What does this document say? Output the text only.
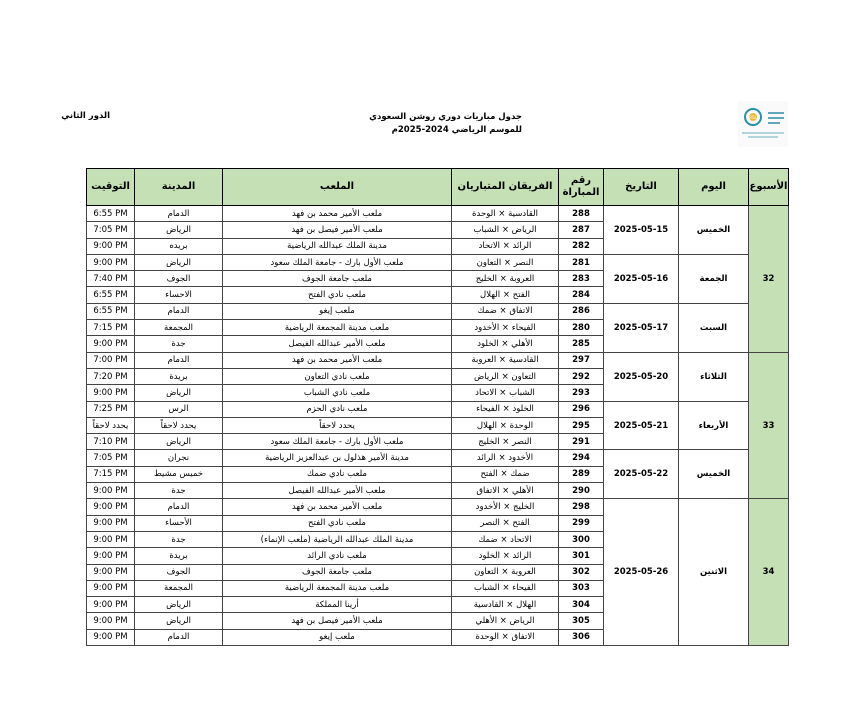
RSL
جدول مباريات دوري روشن السعودي
للموسم الرياضي 2024-2025م
الدور الثاني
الأسبوع	اليوم	التاريخ	رقم المباراة	الفريقان المتباريان	الملعب	المدينة	التوقيت
32	الخميس	2025-05-15	288	القادسية × الوحدة	ملعب الأمير محمد بن فهد	الدمام	6:55 PM
			287	الرياض × الشباب	ملعب الأمير فيصل بن فهد	الرياض	7:05 PM
			282	الرائد × الاتحاد	مدينة الملك عبدالله الرياضية	بريده	9:00 PM
	الجمعة	2025-05-16	281	النصر × التعاون	ملعب الأول بارك - جامعة الملك سعود	الرياض	9:00 PM
			283	العروبة × الخليج	ملعب جامعة الجوف	الجوف	7:40 PM
			284	الفتح × الهلال	ملعب نادي الفتح	الاحساء	6:55 PM
	السبت	2025-05-17	286	الاتفاق × ضمك	ملعب إيغو	الدمام	6:55 PM
			280	الفيحاء × الأخدود	ملعب مدينة المجمعة الرياضية	المجمعة	7:15 PM
			285	الأهلي × الخلود	ملعب الأمير عبدالله الفيصل	جدة	9:00 PM
33	الثلاثاء	2025-05-20	297	القادسية × العروبة	ملعب الأمير محمد بن فهد	الدمام	7:00 PM
			292	التعاون × الرياض	ملعب نادي التعاون	بريدة	7:20 PM
			293	الشباب × الاتحاد	ملعب نادي الشباب	الرياض	9:00 PM
	الأربعاء	2025-05-21	296	الخلود × الفيحاء	ملعب نادي الحزم	الرس	7:25 PM
			295	الوحدة × الهلال	يحدد لاحقاً	يحدد لاحقاً	يحدد لاحقاً
			291	النصر × الخليج	ملعب الأول بارك - جامعة الملك سعود	الرياض	7:10 PM
	الخميس	2025-05-22	294	الأخدود × الرائد	مدينة الأمير هذلول بن عبدالعزيز الرياضية	نجران	7:05 PM
			289	ضمك × الفتح	ملعب نادي ضمك	خميس مشيط	7:15 PM
			290	الأهلي × الاتفاق	ملعب الأمير عبدالله الفيصل	جدة	9:00 PM
34	الاثنين	2025-05-26	298	الخليج × الأخدود	ملعب الأمير محمد بن فهد	الدمام	9:00 PM
			299	الفتح × النصر	ملعب نادي الفتح	الأحساء	9:00 PM
			300	الاتحاد × ضمك	مدينة الملك عبدالله الرياضية (ملعب الإنماء)	جدة	9:00 PM
			301	الرائد × الخلود	ملعب نادي الرائد	بريدة	9:00 PM
			302	العروبة × التعاون	ملعب جامعة الجوف	الجوف	9:00 PM
			303	الفيحاء × الشباب	ملعب مدينة المجمعة الرياضية	المجمعة	9:00 PM
			304	الهلال × القادسية	أرينا المملكة	الرياض	9:00 PM
			305	الرياض × الأهلي	ملعب الأمير فيصل بن فهد	الرياض	9:00 PM
			306	الاتفاق × الوحدة	ملعب إيغو	الدمام	9:00 PM
